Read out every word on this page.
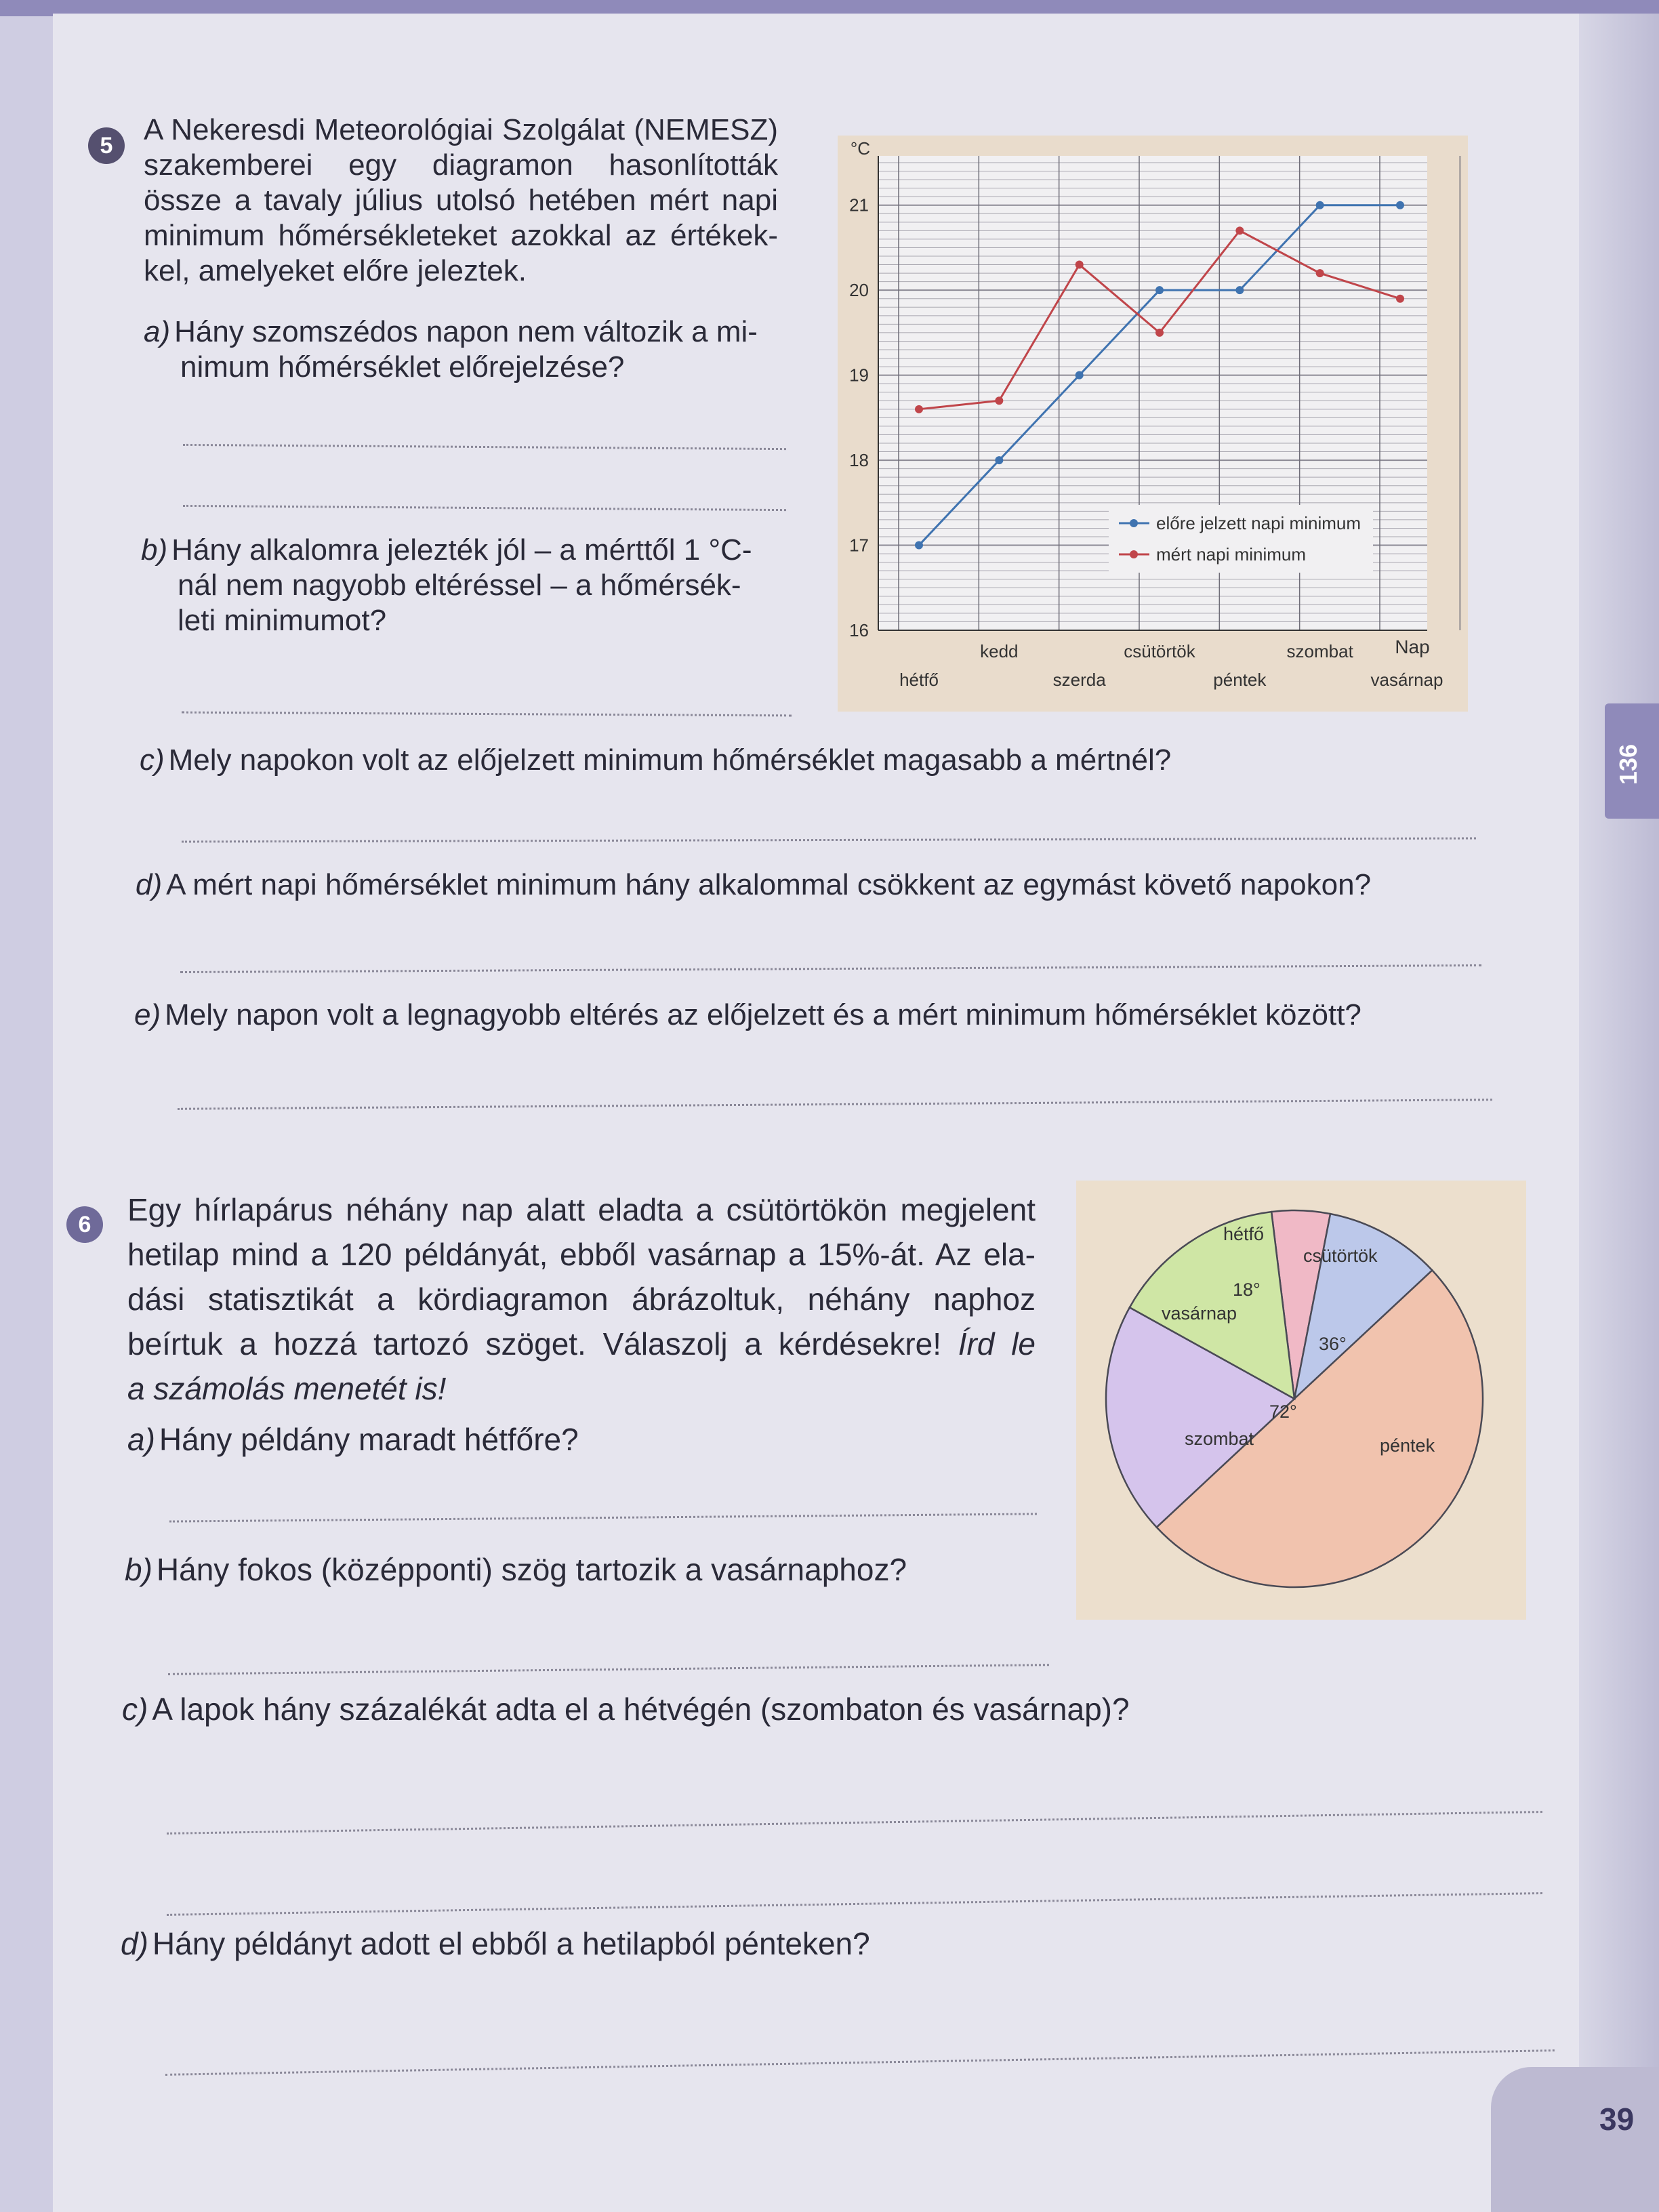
5	A Nekeresdi Meteorológiai Szolgálat (NEMESZ)
szakemberei egy diagramon hasonlították
össze a tavaly július utolsó hetében mért napi
minimum hőmérsékleteket azokkal az értékek-
kel, amelyeket előre jeleztek.
a) Hány szomszédos napon nem változik a mi-
nimum hőmérséklet előrejelzése?
b) Hány alkalomra jelezték jól – a mérttől 1 °C-
nál nem nagyobb eltéréssel – a hőmérsék-
leti minimumot?
°C
16
17
18
19
20
21
hétfő
kedd
szerda
csütörtök
péntek
szombat
vasárnap
Nap
előre jelzett napi minimum
mért napi minimum
c) Mely napokon volt az előjelzett minimum hőmérséklet magasabb a mértnél?
d) A mért napi hőmérséklet minimum hány alkalommal csökkent az egymást követő napokon?
e) Mely napon volt a legnagyobb eltérés az előjelzett és a mért minimum hőmérséklet között?
6	Egy hírlapárus néhány nap alatt eladta a csütörtökön megjelent
hetilap mind a 120 példányát, ebből vasárnap a 15%-át. Az ela-
dási statisztikát a kördiagramon ábrázoltuk, néhány naphoz
beírtuk a hozzá tartozó szöget. Válaszolj a kérdésekre! Írd le
a számolás menetét is!
a) Hány példány maradt hétfőre?
b) Hány fokos (középponti) szög tartozik a vasárnaphoz?
c) A lapok hány százalékát adta el a hétvégén (szombaton és vasárnap)?
d) Hány példányt adott el ebből a hetilapból pénteken?
hétfő
18°
csütörtök
36°
péntek
szombat
72°
vasárnap
136
39
